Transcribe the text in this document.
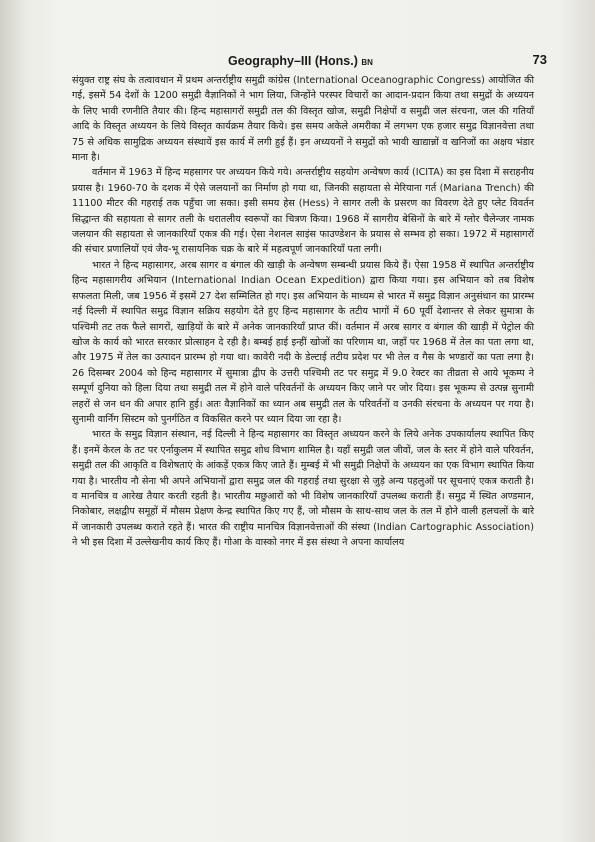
Geography–III (Hons.) BN	73

संयुक्त राष्ट्र संघ के तत्वावधान में प्रथम अन्तर्राष्ट्रीय समुद्री कांग्रेस (International Oceanographic Congress) आयोजित की गई, इसमें 54 देशों के 1200 समुद्री वैज्ञानिकों ने भाग लिया, जिन्होंने परस्पर विचारों का आदान-प्रदान किया तथा समुद्रों के अध्ययन के लिए भावी रणनीति तैयार की। हिन्द महासागरों समुद्री तल की विस्तृत खोज, समुद्री निक्षेपों व समुद्री जल संरचना, जल की गतियाँ आदि के विस्तृत अध्ययन के लिये विस्तृत कार्यक्रम तैयार किये। इस समय अकेले अमरीका में लगभग एक हजार समुद्र विज्ञानवेत्ता तथा 75 से अधिक सामुद्रिक अध्ययन संस्थायें इस कार्य में लगी हुई हैं। इन अध्ययनों ने समुद्रों को भावी खाद्यान्नों व खनिजों का अक्षय भंडार माना है।

वर्तमान में 1963 में हिन्द महसागर पर अध्ययन किये गये। अन्तर्राष्ट्रीय सहयोग अन्वेषण कार्य (ICITA) का इस दिशा में सराहनीय प्रयास है। 1960-70 के दशक में ऐसे जलयानों का निर्माण हो गया था, जिनकी सहायता से मेरियाना गर्त (Mariana Trench) की 11100 मीटर की गहराई तक पहुँचा जा सका। इसी समय हेस (Hess) ने सागर तली के प्रसरण का विवरण देते हुए प्लेट विवर्तन सिद्धान्त की सहायता से सागर तली के धरातलीय स्वरूपों का चित्रण किया। 1968 में सागरीय बेसिनों के बारे में ग्लोर चैलेन्जर नामक जलयान की सहायता से जानकारियाँ एकत्र की गई। ऐसा नेशनल साइंस फाउण्डेशन के प्रयास से सम्भव हो सका। 1972 में महासागरों की संचार प्रणालियों एवं जैव-भू रासायनिक चक्र के बारे में महत्वपूर्ण जानकारियाँ पता लगी।

भारत ने हिन्द महासागर, अरब सागर व बंगाल की खाड़ी के अन्वेषण सम्बन्धी प्रयास किये हैं। ऐसा 1958 में स्थापित अन्तर्राष्ट्रीय हिन्द महासागरीय अभियान (International Indian Ocean Expedition) द्वारा किया गया। इस अभियान को तब विशेष सफलता मिली, जब 1956 में इसमें 27 देश सम्मिलित हो गए। इस अभियान के माध्यम से भारत में समुद्र विज्ञान अनुसंधान का प्रारम्भ नई दिल्ली में स्थापित समुद्र विज्ञान सक्रिय सहयोग देते हुए हिन्द महासागर के तटीय भागों में 60 पूर्वी देशान्तर से लेकर सुमात्रा के पश्चिमी तट तक फैले सागरों, खाड़ियों के बारे में अनेक जानकारियाँ प्राप्त कीं। वर्तमान में अरब सागर व बंगाल की खाड़ी में पेट्रोल की खोज के कार्य को भारत सरकार प्रोत्साहन दे रही है। बम्बई हाई इन्हीं खोजों का परिणाम था, जहाँ पर 1968 में तेल का पता लगा था, और 1975 में तेल का उत्पादन प्रारम्भ हो गया था। कावेरी नदी के डेल्टाई तटीय प्रदेश पर भी तेल व गैस के भण्डारों का पता लगा है। 26 दिसम्बर 2004 को हिन्द महासागर में सुमात्रा द्वीप के उत्तरी पश्चिमी तट पर समुद्र में 9.0 रेक्टर का तीव्रता से आये भूकम्प ने सम्पूर्ण दुनिया को हिला दिया तथा समुद्री तल में होने वाले परिवर्तनों के अध्ययन किए जाने पर जोर दिया। इस भूकम्प से उत्पन्न सुनामी लहरों से जन धन की अपार हानि हुई। अतः वैज्ञानिकों का ध्यान अब समुद्री तल के परिवर्तनों व उनकी संरचना के अध्ययन पर गया है। सुनामी वार्निंग सिस्टम को पुनर्गठित व विकसित करने पर ध्यान दिया जा रहा है।

भारत के समुद्र विज्ञान संस्थान, नई दिल्ली ने हिन्द महासागर का विस्तृत अध्ययन करने के लिये अनेक उपकार्यालय स्थापित किए हैं। इनमें केरल के तट पर एर्नाकुलम में स्थापित समुद्र शोध विभाग शामिल है। यहाँ समुद्री जल जीवों, जल के स्तर में होने वाले परिवर्तन, समुद्री तल की आकृति व विशेषताएं के आंकड़ें एकत्र किए जाते हैं। मुम्बई में भी समुद्री निक्षेपों के अध्ययन का एक विभाग स्थापित किया गया है। भारतीय नौ सेना भी अपने अभियानों द्वारा समुद्र जल की गहराई तथा सुरक्षा से जुड़े अन्य पहलुओं पर सूचनाएं एकत्र कराती है। व मानचित्र व आरेख तैयार करती रहती है। भारतीय मछुआरों को भी विशेष जानकारियाँ उपलब्ध कराती हैं। समुद्र में स्थित अण्डमान, निकोबार, लक्षद्वीप समूहों में मौसम प्रेक्षण केन्द्र स्थापित किए गए हैं, जो मौसम के साथ-साथ जल के तल में होने वाली हलचलों के बारे में जानकारी उपलब्ध कराते रहते हैं। भारत की राष्ट्रीय मानचित्र विज्ञानवेत्ताओं की संस्था (Indian Cartographic Association) ने भी इस दिशा में उल्लेखनीय कार्य किए हैं। गोआ के वास्को नगर में इस संस्था ने अपना कार्यालय
